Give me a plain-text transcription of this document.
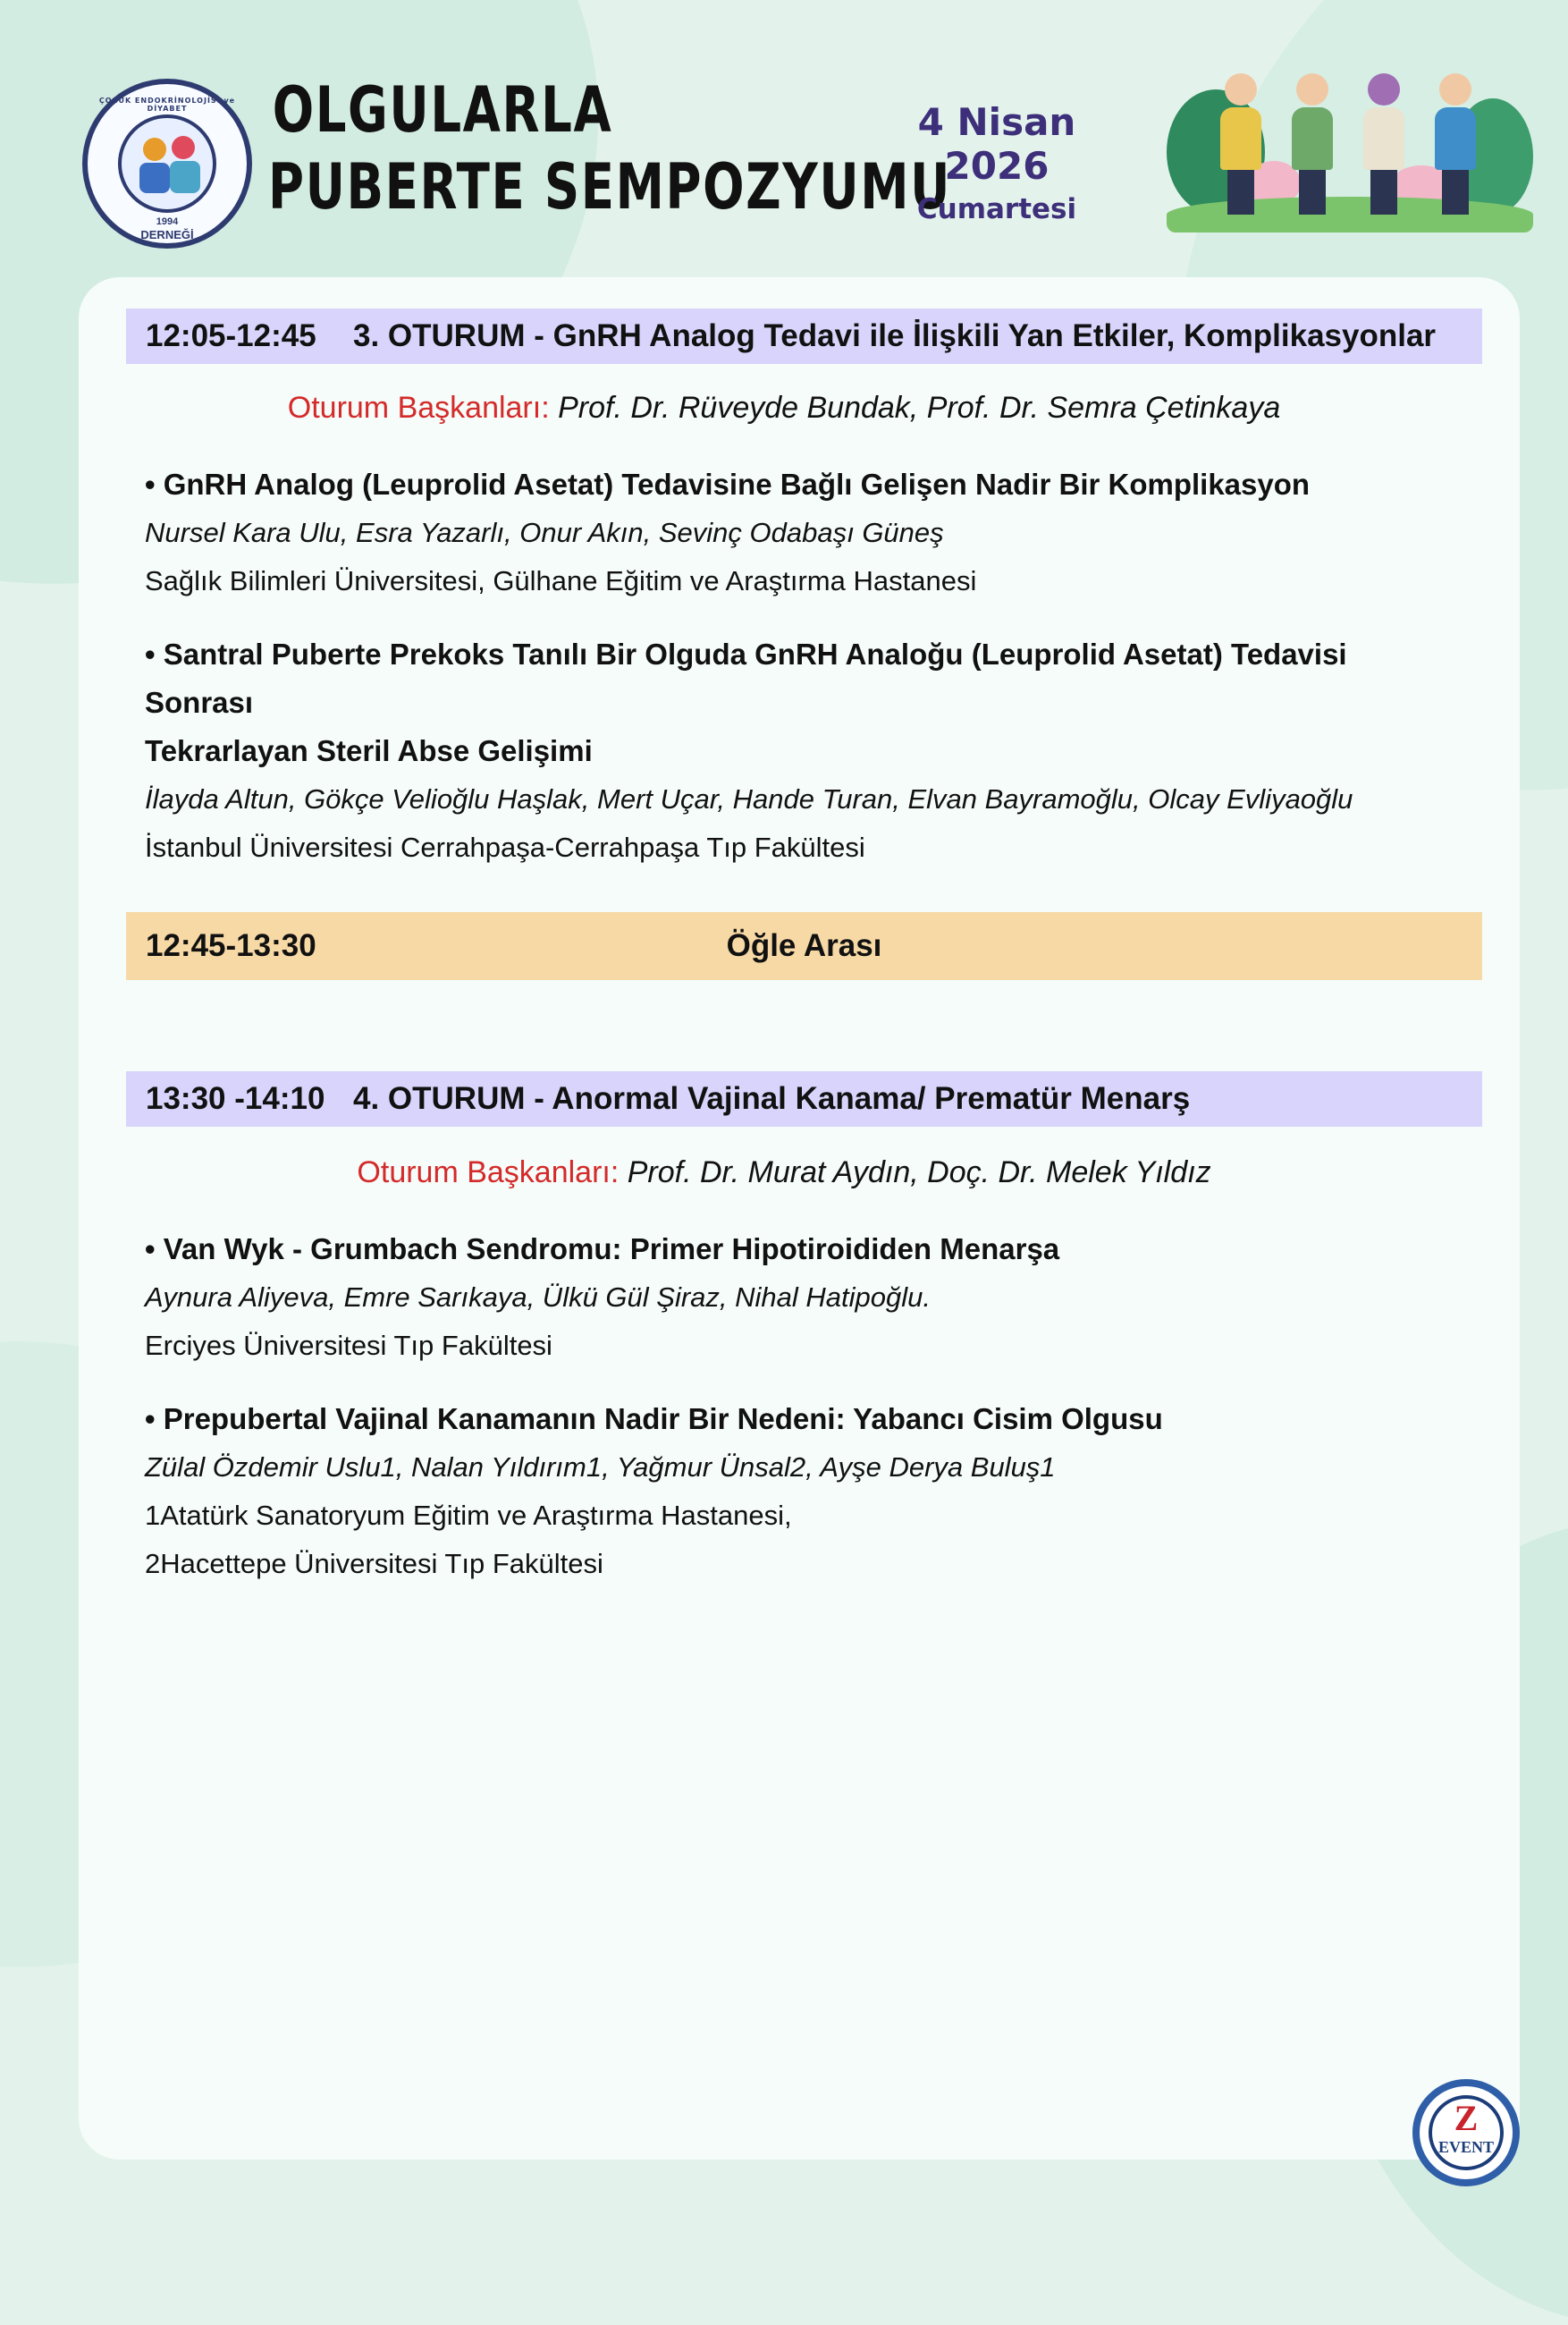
ÇOCUK ENDOKRİNOLOJİSİ ve DİYABET
1994
DERNEĞİ
OLGULARLA
PUBERTE SEMPOZYUMU
4 Nisan 2026
Cumartesi
12:05-12:45 3. OTURUM - GnRH Analog Tedavi ile İlişkili Yan Etkiler, Komplikasyonlar
Oturum Başkanları: Prof. Dr. Rüveyde Bundak, Prof. Dr. Semra Çetinkaya
• GnRH Analog (Leuprolid Asetat) Tedavisine Bağlı Gelişen Nadir Bir Komplikasyon
Nursel Kara Ulu, Esra Yazarlı, Onur Akın, Sevinç Odabaşı Güneş
Sağlık Bilimleri Üniversitesi, Gülhane Eğitim ve Araştırma Hastanesi
• Santral Puberte Prekoks Tanılı Bir Olguda GnRH Analoğu (Leuprolid Asetat) Tedavisi Sonrası
Tekrarlayan Steril Abse Gelişimi
İlayda Altun, Gökçe Velioğlu Haşlak, Mert Uçar, Hande Turan, Elvan Bayramoğlu, Olcay Evliyaoğlu
İstanbul Üniversitesi Cerrahpaşa-Cerrahpaşa Tıp Fakültesi
Öğle Arası
12:45-13:30
13:30 -14:10 4. OTURUM - Anormal Vajinal Kanama/ Prematür Menarş
Oturum Başkanları: Prof. Dr. Murat Aydın, Doç. Dr. Melek Yıldız
• Van Wyk - Grumbach Sendromu: Primer Hipotiroididen Menarşa
Aynura Aliyeva, Emre Sarıkaya, Ülkü Gül Şiraz, Nihal Hatipoğlu.
Erciyes Üniversitesi Tıp Fakültesi
• Prepubertal Vajinal Kanamanın Nadir Bir Nedeni: Yabancı Cisim Olgusu
Zülal Özdemir Uslu1, Nalan Yıldırım1, Yağmur Ünsal2, Ayşe Derya Buluş1
1Atatürk Sanatoryum Eğitim ve Araştırma Hastanesi,
2Hacettepe Üniversitesi Tıp Fakültesi
Z
EVENT
